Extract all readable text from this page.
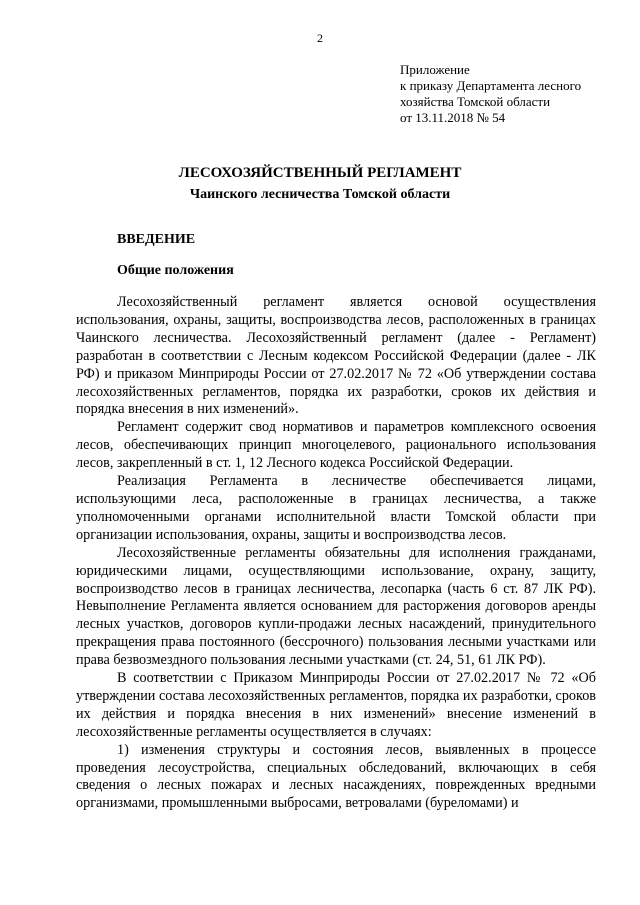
2
Приложение
к приказу Департамента лесного
хозяйства Томской области
от 13.11.2018 № 54
ЛЕСОХОЗЯЙСТВЕННЫЙ РЕГЛАМЕНТ
Чаинского лесничества Томской области
ВВЕДЕНИЕ
Общие положения

Лесохозяйственный регламент является основой осуществления использования, охраны, защиты, воспроизводства лесов, расположенных в границах Чаинского лесничества. Лесохозяйственный регламент (далее - Регламент) разработан в соответствии с Лесным кодексом Российской Федерации (далее - ЛК РФ) и приказом Минприроды России от 27.02.2017 № 72 «Об утверждении состава лесохозяйственных регламентов, порядка их разработки, сроков их действия и порядка внесения в них изменений».

Регламент содержит свод нормативов и параметров комплексного освоения лесов, обеспечивающих принцип многоцелевого, рационального использования лесов, закрепленный в ст. 1, 12 Лесного кодекса Российской Федерации.

Реализация Регламента в лесничестве обеспечивается лицами, использующими леса, расположенные в границах лесничества, а также уполномоченными органами исполнительной власти Томской области при организации использования, охраны, защиты и воспроизводства лесов.

Лесохозяйственные регламенты обязательны для исполнения гражданами, юридическими лицами, осуществляющими использование, охрану, защиту, воспроизводство лесов в границах лесничества, лесопарка (часть 6 ст. 87 ЛК РФ). Невыполнение Регламента является основанием для расторжения договоров аренды лесных участков, договоров купли-продажи лесных насаждений, принудительного прекращения права постоянного (бессрочного) пользования лесными участками или права безвозмездного пользования лесными участками (ст. 24, 51, 61 ЛК РФ).

В соответствии с Приказом Минприроды России от 27.02.2017 № 72 «Об утверждении состава лесохозяйственных регламентов, порядка их разработки, сроков их действия и порядка внесения в них изменений» внесение изменений в лесохозяйственные регламенты осуществляется в случаях:

1) изменения структуры и состояния лесов, выявленных в процессе проведения лесоустройства, специальных обследований, включающих в себя сведения о лесных пожарах и лесных насаждениях, поврежденных вредными организмами, промышленными выбросами, ветровалами (буреломами) и
